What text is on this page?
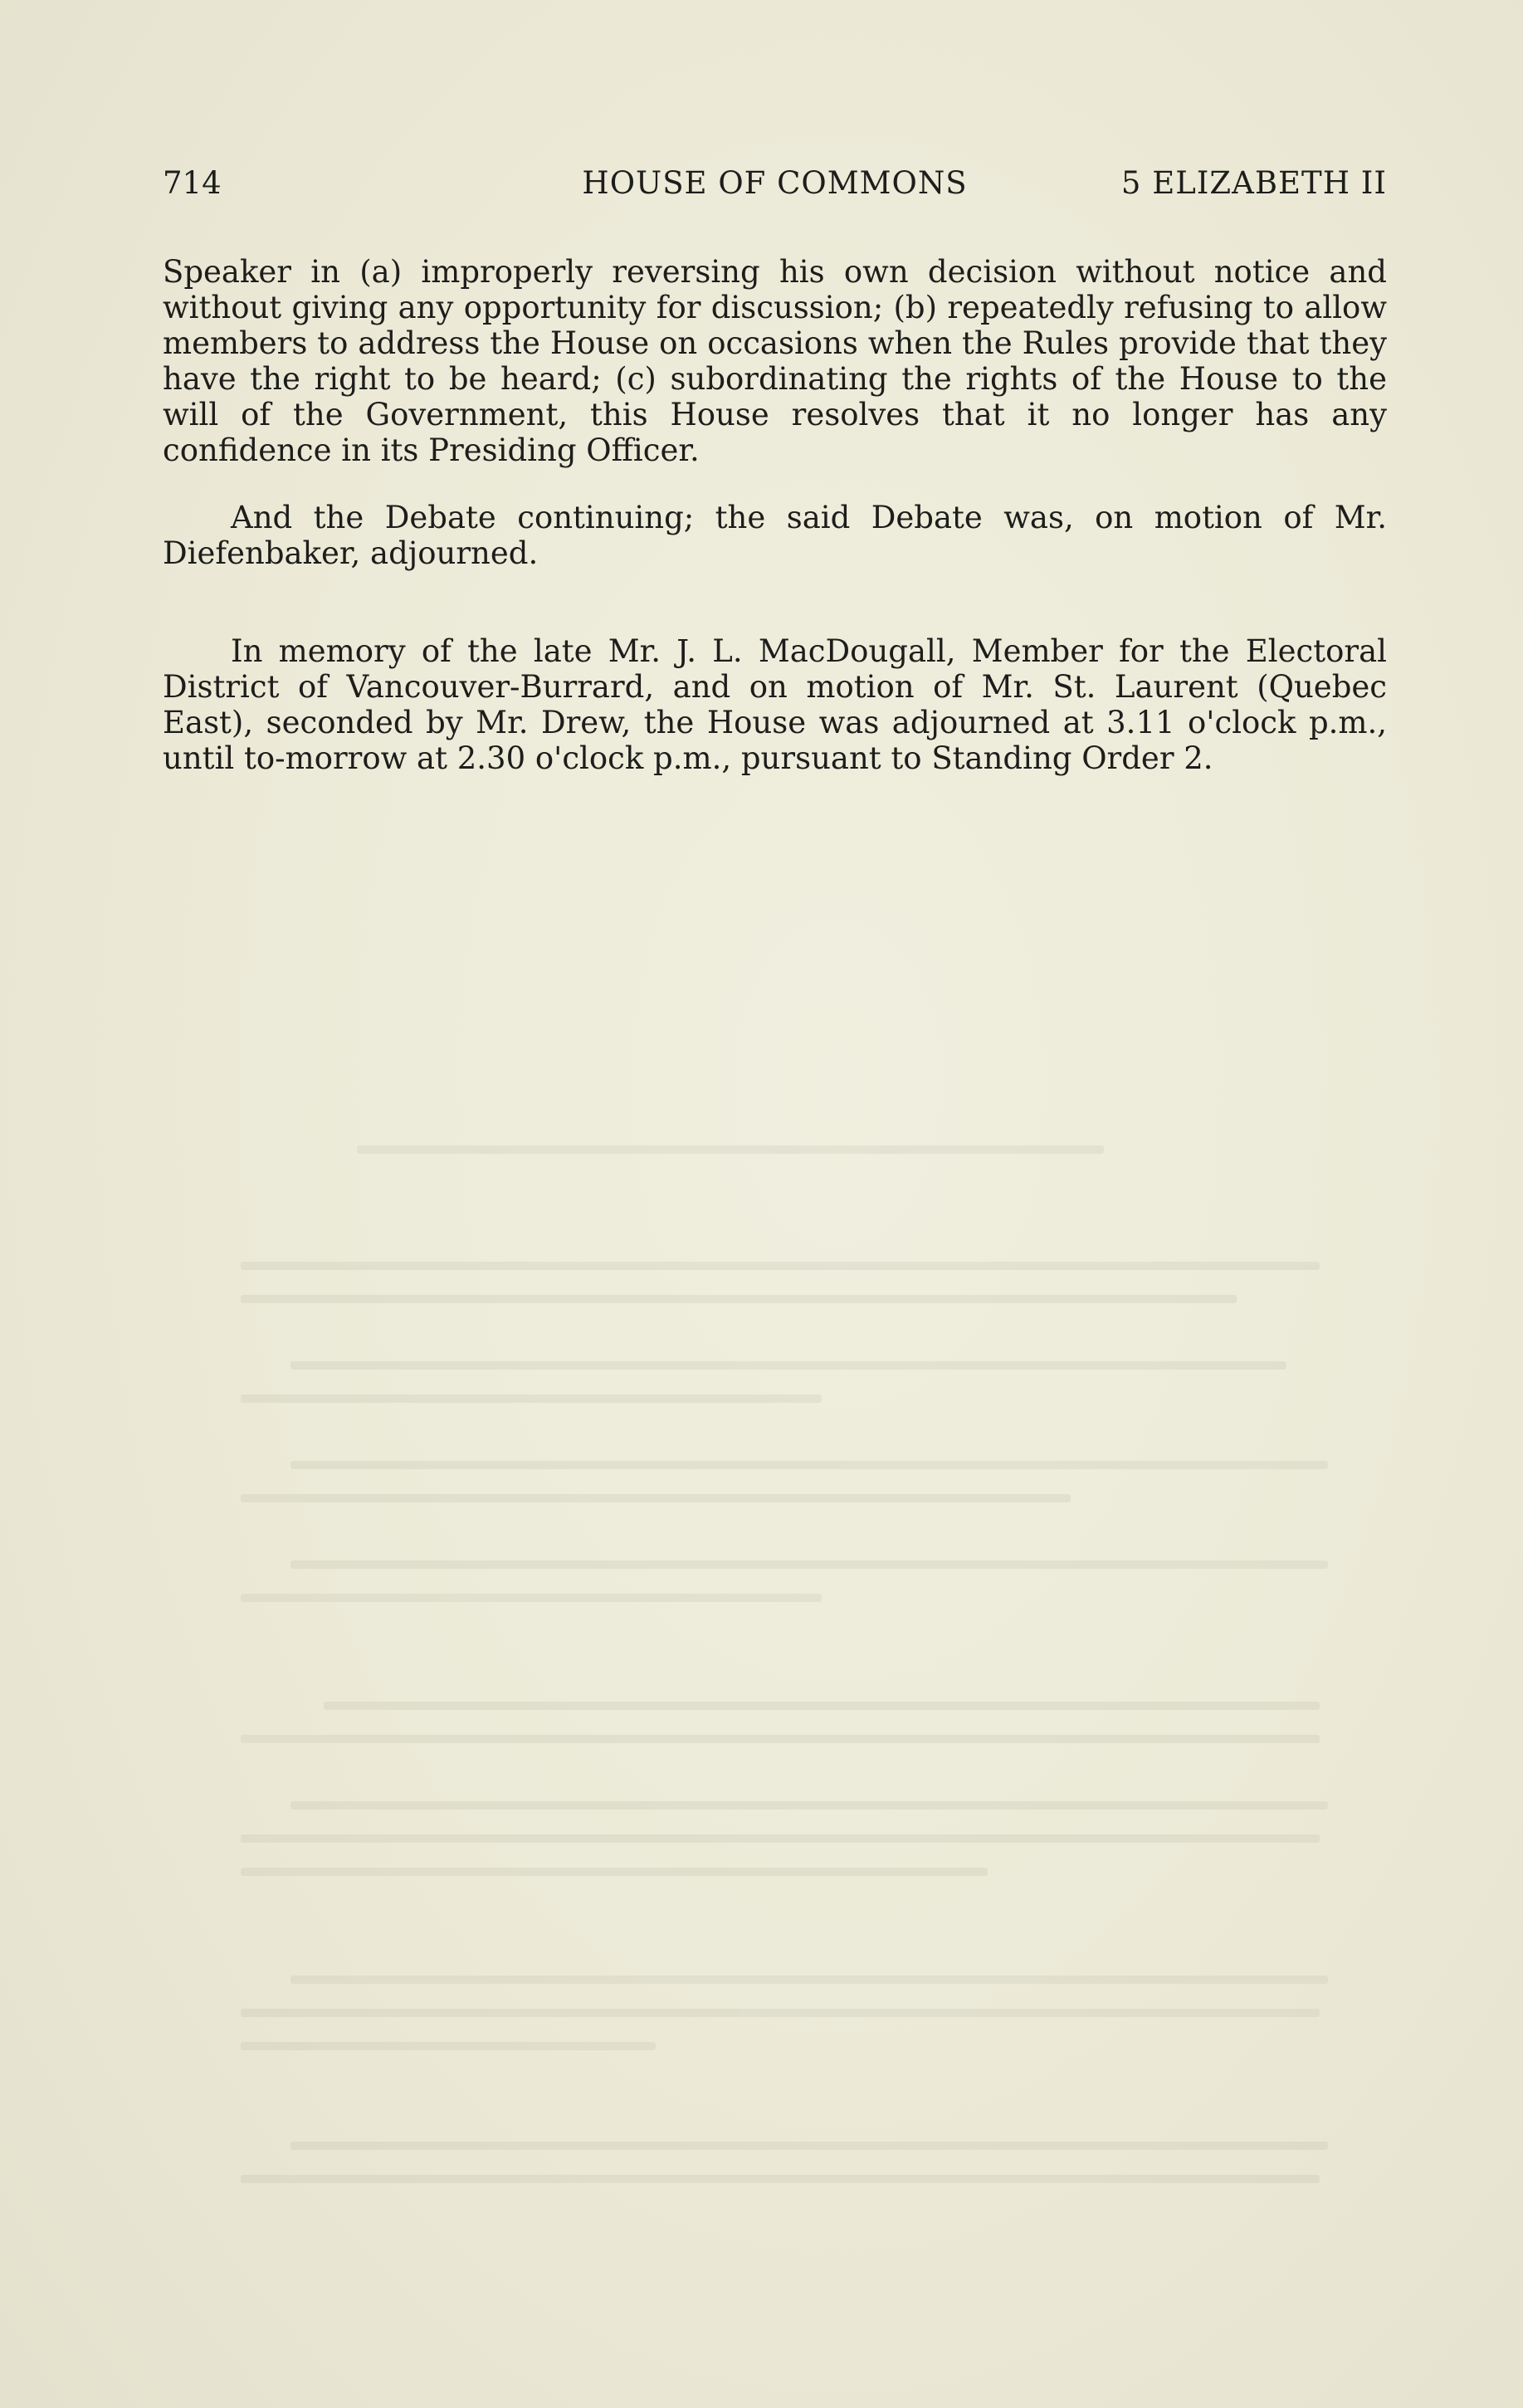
714	HOUSE OF COMMONS	5 ELIZABETH II

Speaker in (a) improperly reversing his own decision without notice and without giving any opportunity for discussion; (b) repeatedly refusing to allow members to address the House on occasions when the Rules provide that they have the right to be heard; (c) subordinating the rights of the House to the will of the Government, this House resolves that it no longer has any confidence in its Presiding Officer.

And the Debate continuing; the said Debate was, on motion of Mr. Diefenbaker, adjourned.

In memory of the late Mr. J. L. MacDougall, Member for the Electoral District of Vancouver-Burrard, and on motion of Mr. St. Laurent (Quebec East), seconded by Mr. Drew, the House was adjourned at 3.11 o'clock p.m., until to-morrow at 2.30 o'clock p.m., pursuant to Standing Order 2.
